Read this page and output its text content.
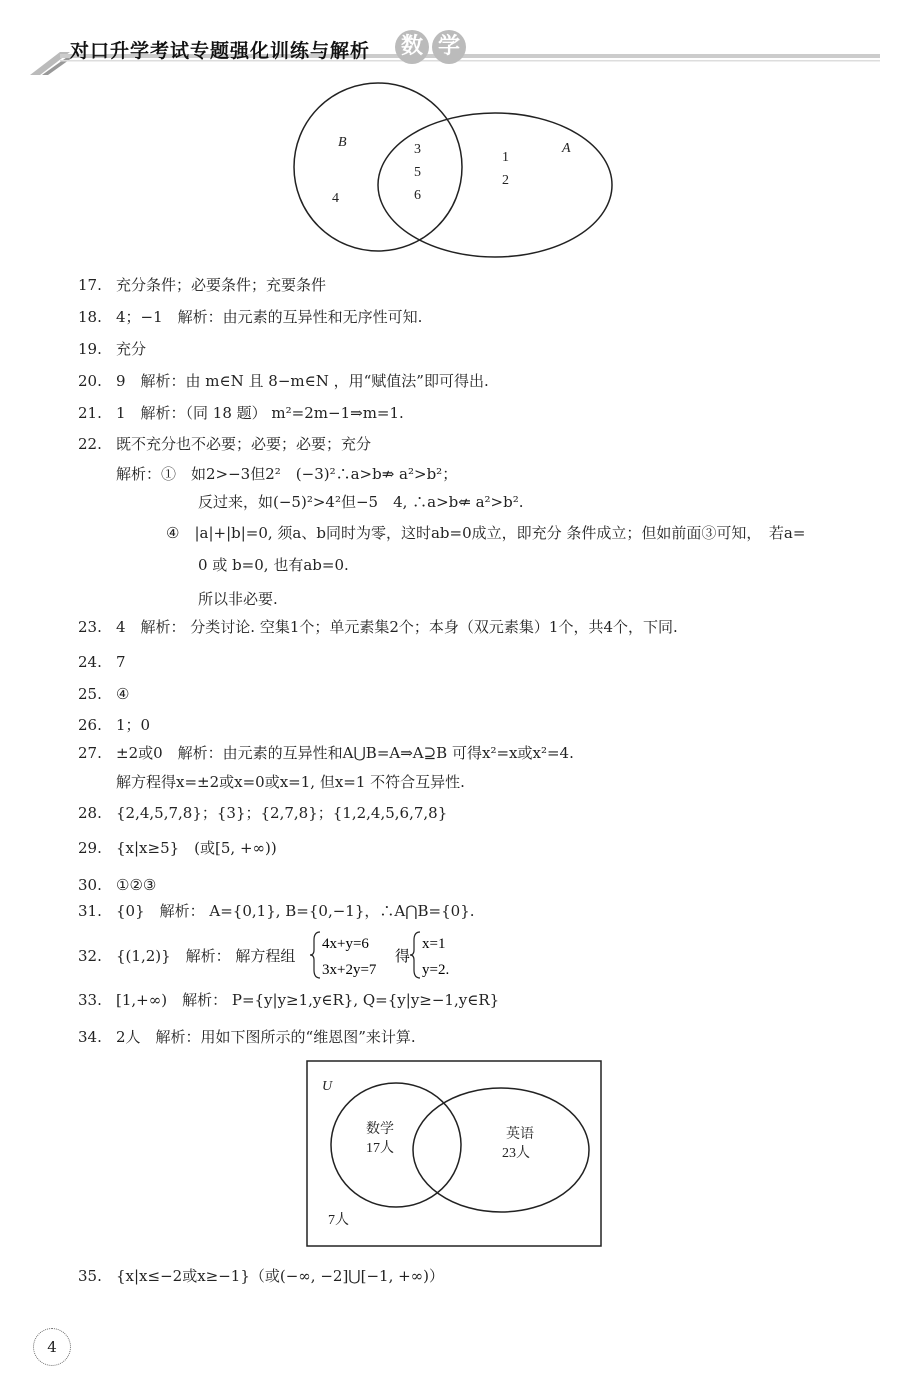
对口升学考试专题强化训练与解析 数 学
B	A
4
3
5
6
1
2
17. 充分条件；必要条件；充要条件
18. 4；−1　解析：由元素的互异性和无序性可知.
19. 充分
20. 9　解析：由 m∈N 且 8−m∈N ，用“赋值法”即可得出.
21. 1　解析：（同 18 题） m²=2m−1⇒m=1.
22. 既不充分也不必要；必要；必要；充分
解析：①　如2>−3但2²　(−3)²∴a>b⇏ a²>b²；
反过来，如(−5)²>4²但−5　4, ∴a>b⇍ a²>b².
④　|a|+|b|=0, 须a、b同时为零，这时ab=0成立，即充分 条件成立；但如前面③可知，　若a=
0 或 b=0, 也有ab=0.
所以非必要.
23. 4　解析： 分类讨论. 空集1个；单元素集2个；本身（双元素集）1个，共4个，下同.
24. 7
25. ④
26. 1；0
27. ±2或0　解析：由元素的互异性和A⋃B=A⇒A⊇B 可得x²=x或x²=4.
解方程得x=±2或x=0或x=1, 但x=1 不符合互异性.
28. {2,4,5,7,8}；{3}；{2,7,8}；{1,2,4,5,6,7,8}
29. {x|x≥5}　(或[5, +∞))
30. ①②③
31. {0}　解析： A={0,1}, B={0,−1}，∴A⋂B={0}.
32. {(1,2)}　解析： 解方程组
4x+y=6
3x+2y=7
得
x=1
y=2.
33. [1,+∞)　解析： P={y|y≥1,y∈R}, Q={y|y≥−1,y∈R}
34. 2人　解析：用如下图所示的“维恩图”来计算.
U
数学
17人
英语
23人
7人
35. {x|x≤−2或x≥−1}（或(−∞, −2]⋃[−1, +∞)）
4
